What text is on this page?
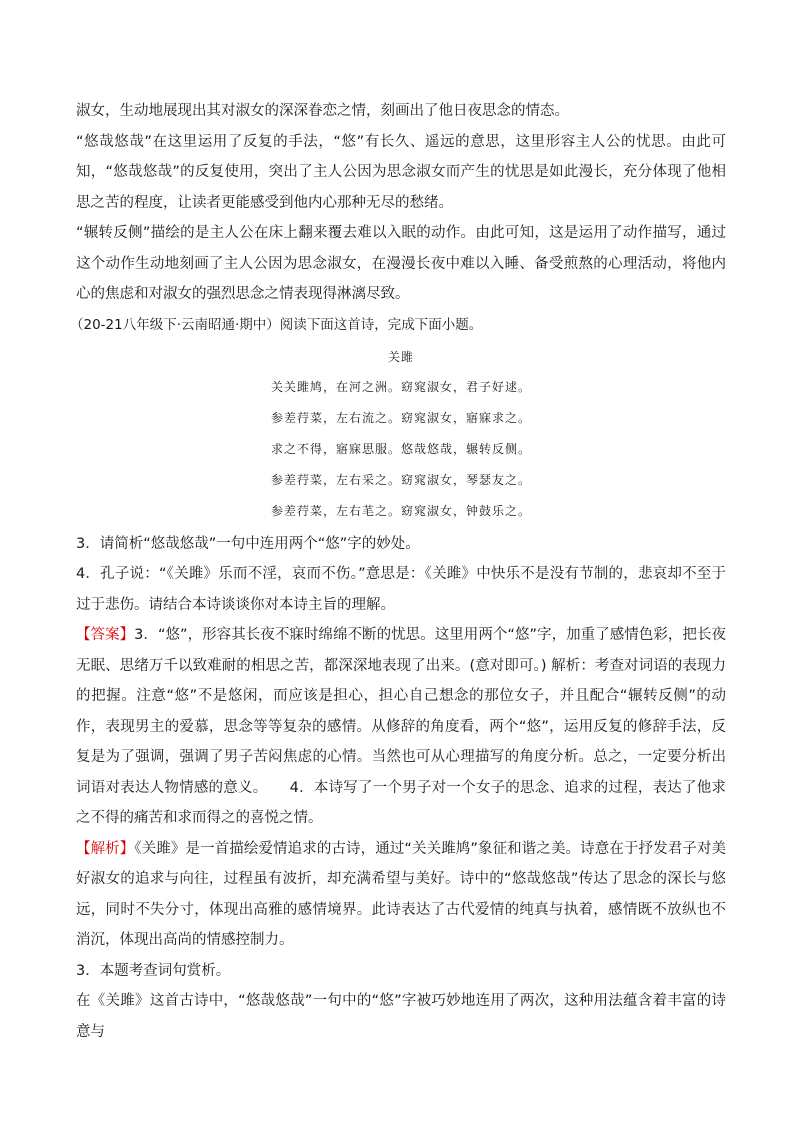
淑女，生动地展现出其对淑女的深深眷恋之情，刻画出了他日夜思念的情态。

“悠哉悠哉”在这里运用了反复的手法，“悠”有长久、遥远的意思，这里形容主人公的忧思。由此可知，“悠哉悠哉”的反复使用，突出了主人公因为思念淑女而产生的忧思是如此漫长，充分体现了他相思之苦的程度，让读者更能感受到他内心那种无尽的愁绪。

“辗转反侧”描绘的是主人公在床上翻来覆去难以入眠的动作。由此可知，这是运用了动作描写，通过这个动作生动地刻画了主人公因为思念淑女，在漫漫长夜中难以入睡、备受煎熬的心理活动，将他内心的焦虑和对淑女的强烈思念之情表现得淋漓尽致。

（20-21八年级下·云南昭通·期中）阅读下面这首诗，完成下面小题。

关雎

关关雎鸠，在河之洲。窈窕淑女，君子好逑。

参差荇菜，左右流之。窈窕淑女，寤寐求之。

求之不得，寤寐思服。悠哉悠哉，辗转反侧。

参差荇菜，左右采之。窈窕淑女，琴瑟友之。

参差荇菜，左右芼之。窈窕淑女，钟鼓乐之。

3．请简析“悠哉悠哉”一句中连用两个“悠”字的妙处。

4．孔子说：“《关雎》乐而不淫，哀而不伤。”意思是：《关雎》中快乐不是没有节制的，悲哀却不至于过于悲伤。请结合本诗谈谈你对本诗主旨的理解。

【答案】3．“悠”，形容其长夜不寐时绵绵不断的忧思。这里用两个“悠”字，加重了感情色彩，把长夜无眠、思绪万千以致难耐的相思之苦，都深深地表现了出来。(意对即可。) 解析：考查对词语的表现力的把握。注意“悠”不是悠闲，而应该是担心，担心自己想念的那位女子，并且配合“辗转反侧”的动作，表现男主的爱慕，思念等等复杂的感情。从修辞的角度看，两个“悠”，运用反复的修辞手法，反复是为了强调，强调了男子苦闷焦虑的心情。当然也可从心理描写的角度分析。总之，一定要分析出词语对表达人物情感的意义。　　4．本诗写了一个男子对一个女子的思念、追求的过程，表达了他求之不得的痛苦和求而得之的喜悦之情。

【解析】《关雎》是一首描绘爱情追求的古诗，通过“关关雎鸠”象征和谐之美。诗意在于抒发君子对美好淑女的追求与向往，过程虽有波折，却充满希望与美好。诗中的“悠哉悠哉”传达了思念的深长与悠远，同时不失分寸，体现出高雅的感情境界。此诗表达了古代爱情的纯真与执着，感情既不放纵也不消沉，体现出高尚的情感控制力。

3．本题考查词句赏析。

在《关雎》这首古诗中，“悠哉悠哉”一句中的“悠”字被巧妙地连用了两次，这种用法蕴含着丰富的诗意与
